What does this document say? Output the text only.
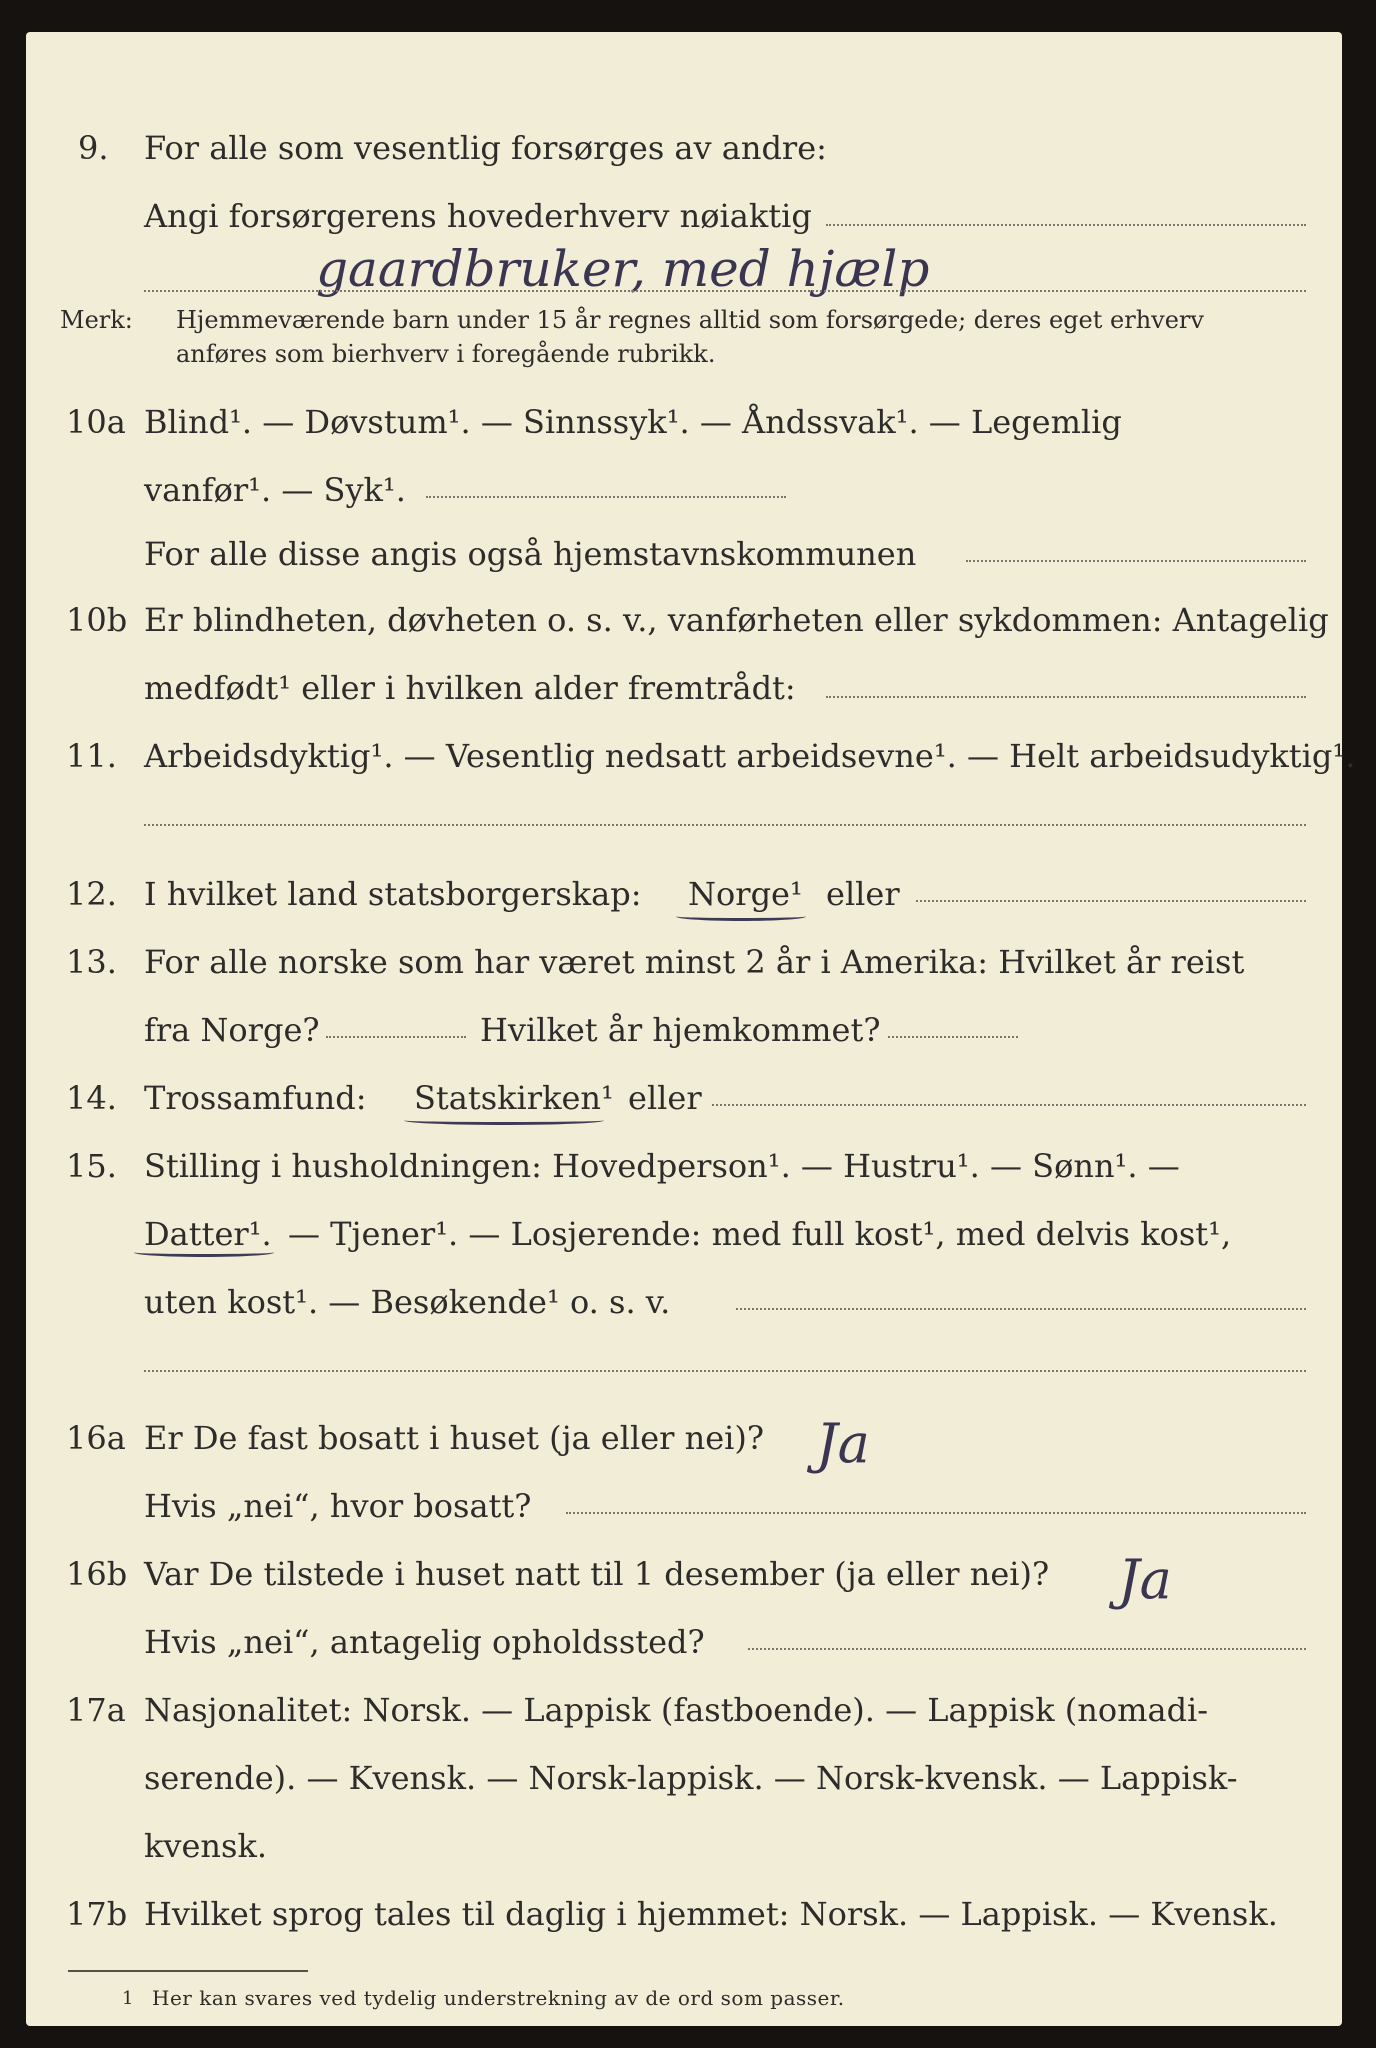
9. For alle som vesentlig forsørges av andre:
Angi forsørgerens hovederhverv nøiaktig
gaardbruker, med hjælp
Merk: Hjemmeværende barn under 15 år regnes alltid som forsørgede; deres eget erhverv
anføres som bierhverv i foregående rubrikk.
10a Blind¹. — Døvstum¹. — Sinnssyk¹. — Åndssvak¹. — Legemlig
vanfør¹. — Syk¹.
For alle disse angis også hjemstavnskommunen
10b Er blindheten, døvheten o. s. v., vanførheten eller sykdommen: Antagelig
medfødt¹ eller i hvilken alder fremtrådt:
11. Arbeidsdyktig¹. — Vesentlig nedsatt arbeidsevne¹. — Helt arbeidsudyktig¹.
12. I hvilket land statsborgerskap: Norge¹ eller
13. For alle norske som har været minst 2 år i Amerika: Hvilket år reist
fra Norge?	Hvilket år hjemkommet?
14. Trossamfund: Statskirken¹ eller
15. Stilling i husholdningen: Hovedperson¹. — Hustru¹. — Sønn¹. —
Datter¹. — Tjener¹. — Losjerende: med full kost¹, med delvis kost¹,
uten kost¹. — Besøkende¹ o. s. v.
16a Er De fast bosatt i huset (ja eller nei)? Ja
Hvis „nei“, hvor bosatt?
16b Var De tilstede i huset natt til 1 desember (ja eller nei)? Ja
Hvis „nei“, antagelig opholdssted?
17a Nasjonalitet: Norsk. — Lappisk (fastboende). — Lappisk (nomadi-
serende). — Kvensk. — Norsk-lappisk. — Norsk-kvensk. — Lappisk-
kvensk.
17b Hvilket sprog tales til daglig i hjemmet: Norsk. — Lappisk. — Kvensk.
1 Her kan svares ved tydelig understrekning av de ord som passer.
